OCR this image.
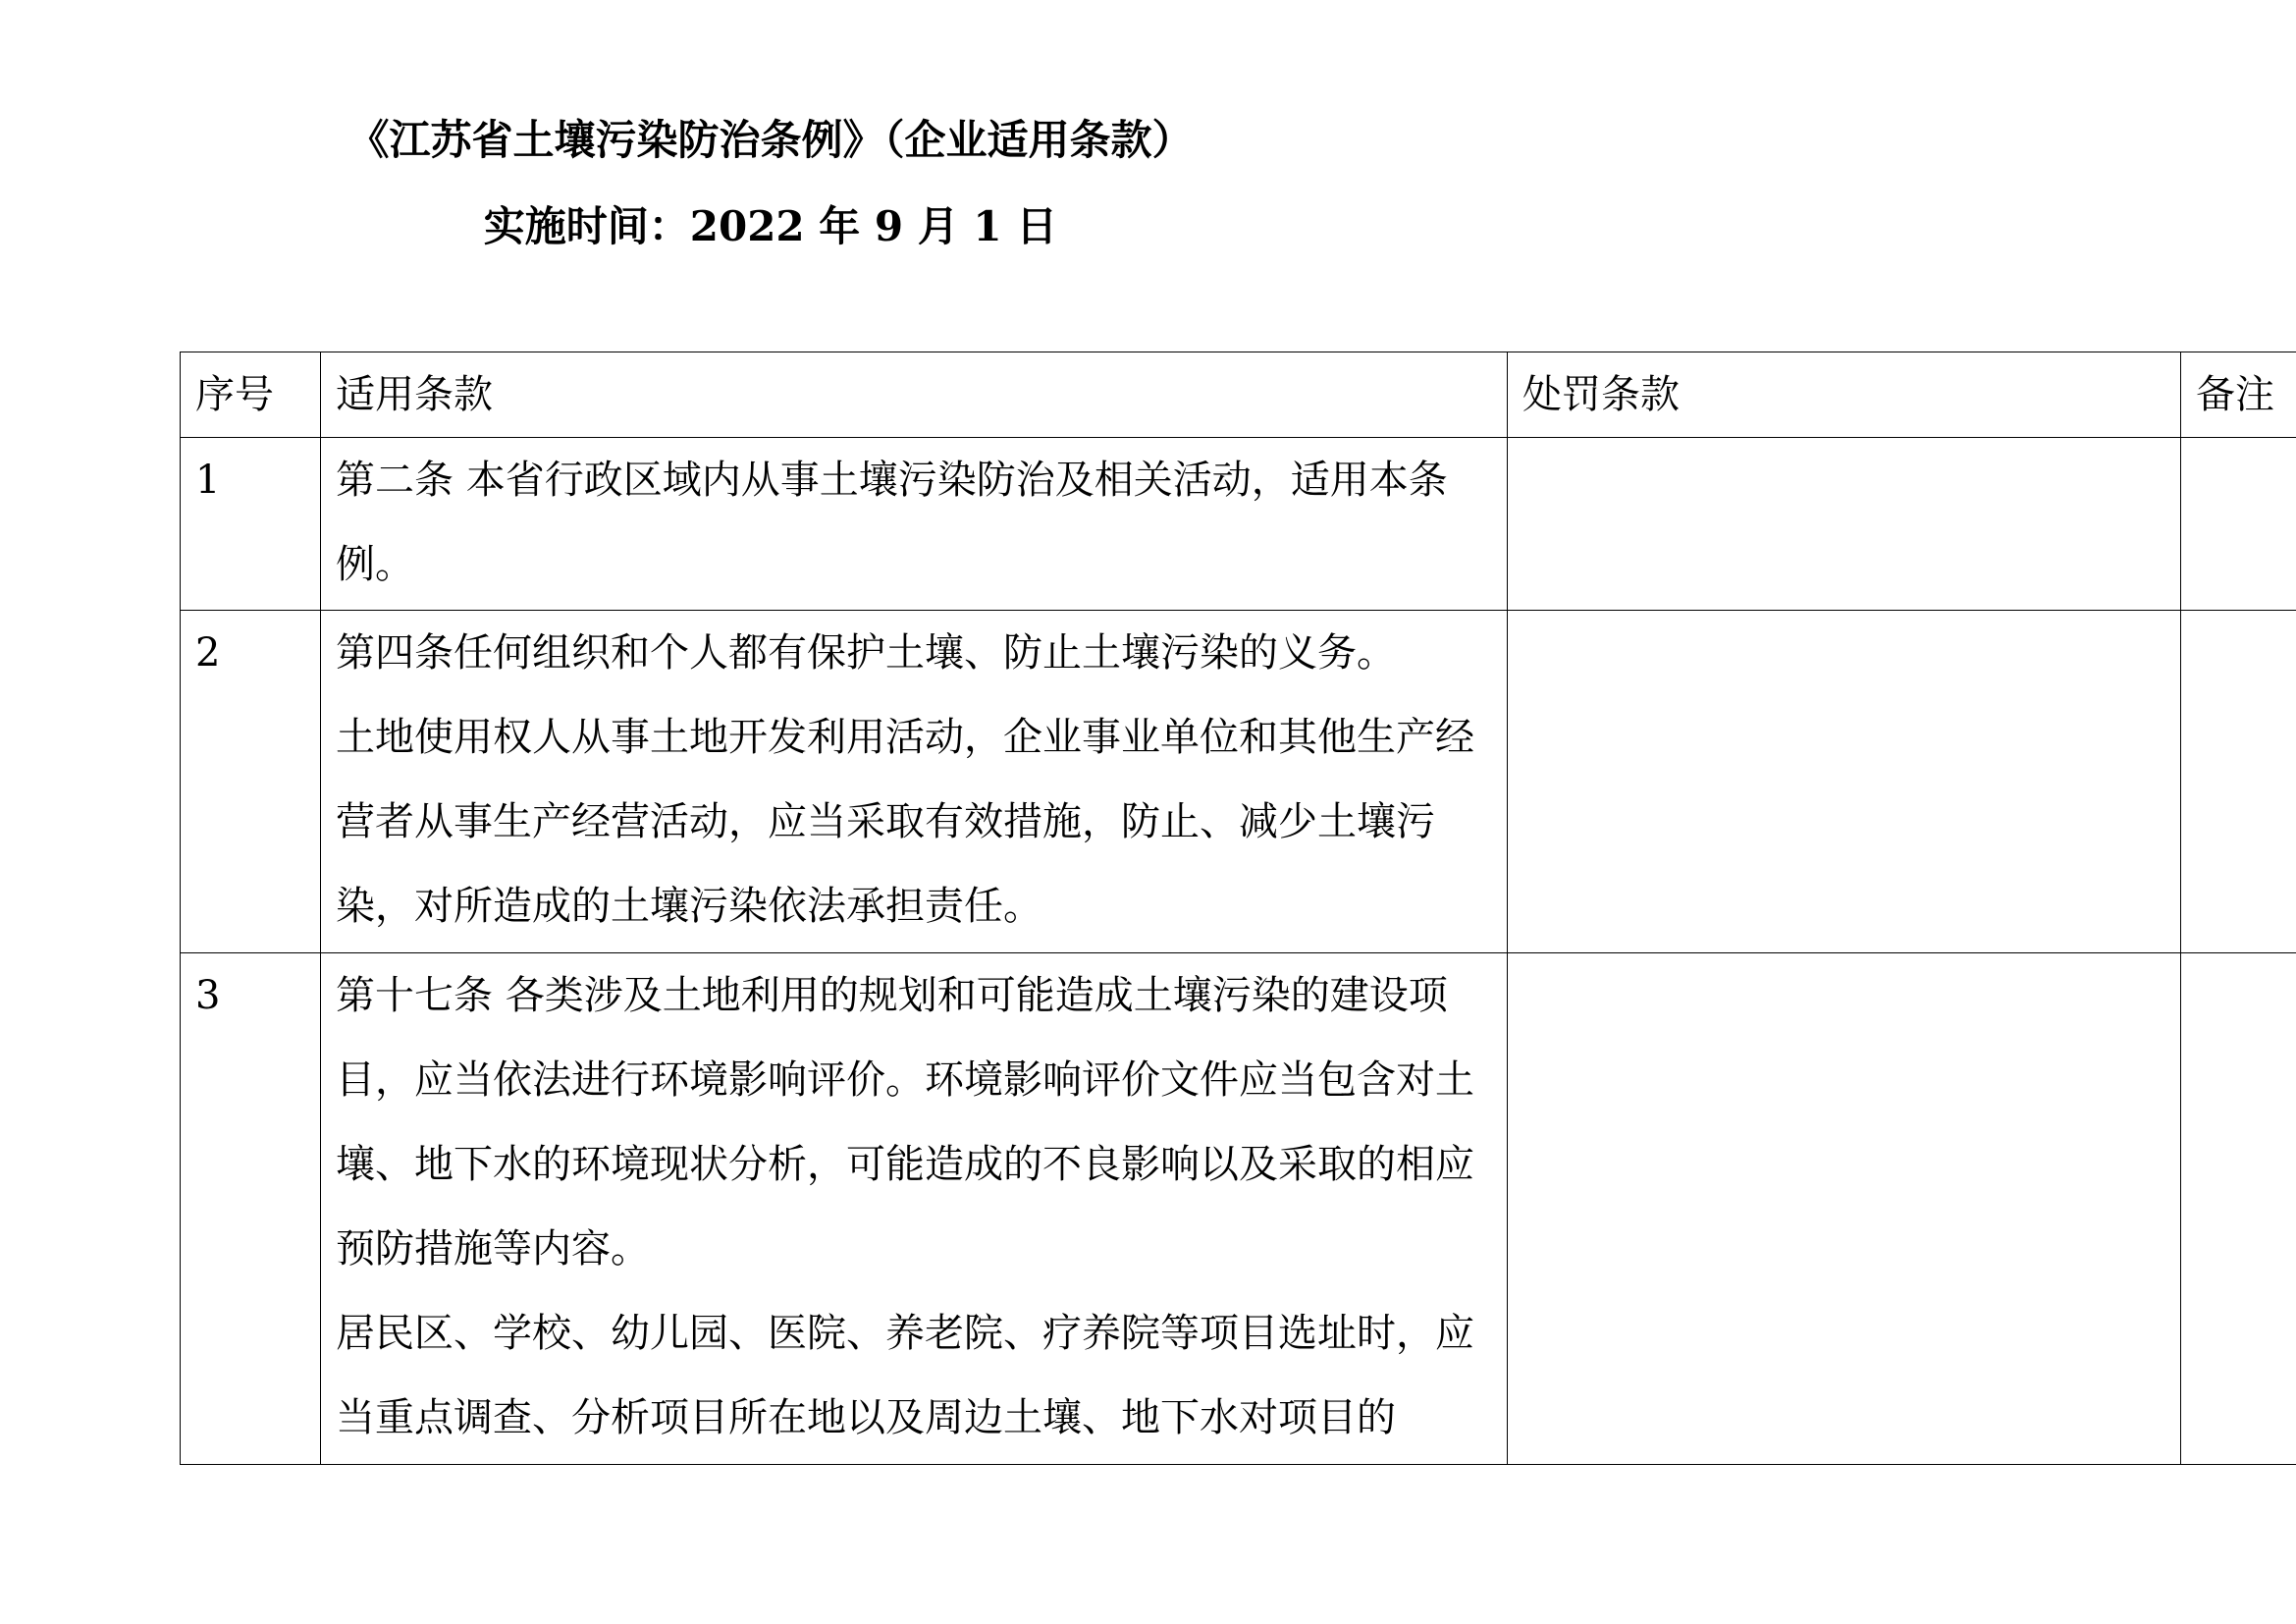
《江苏省土壤污染防治条例》（企业适用条款）
实施时间：2022 年 9 月 1 日
序号	适用条款	处罚条款	备注
1	第二条 本省行政区域内从事土壤污染防治及相关活动，适用本条例。		
2	第四条任何组织和个人都有保护土壤、防止土壤污染的义务。
土地使用权人从事土地开发利用活动，企业事业单位和其他生产经营者从事生产经营活动，应当采取有效措施，防止、减少土壤污染，对所造成的土壤污染依法承担责任。		
3	第十七条 各类涉及土地利用的规划和可能造成土壤污染的建设项目，应当依法进行环境影响评价。环境影响评价文件应当包含对土壤、地下水的环境现状分析，可能造成的不良影响以及采取的相应预防措施等内容。
居民区、学校、幼儿园、医院、养老院、疗养院等项目选址时，应当重点调查、分析项目所在地以及周边土壤、地下水对项目的		
